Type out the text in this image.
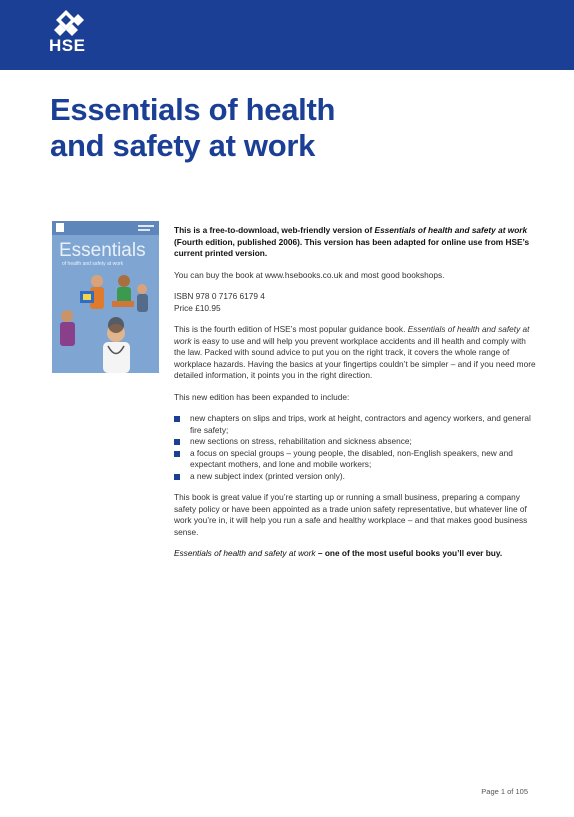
HSE
Essentials of health
and safety at work
Essentials
of health and safety at work

This is a free-to-download, web-friendly version of Essentials of health and safety at work (Fourth edition, published 2006). This version has been adapted for online use from HSE’s current printed version.

You can buy the book at www.hsebooks.co.uk and most good bookshops.

ISBN 978 0 7176 6179 4
Price £10.95

This is the fourth edition of HSE’s most popular guidance book. Essentials of health and safety at work is easy to use and will help you prevent workplace accidents and ill health and comply with the law. Packed with sound advice to put you on the right track, it covers the whole range of workplace hazards. Having the basics at your fingertips couldn’t be simpler – and if you need more detailed information, it points you in the right direction.

This new edition has been expanded to include:

new chapters on slips and trips, work at height, contractors and agency workers, and general fire safety;
new sections on stress, rehabilitation and sickness absence;
a focus on special groups – young people, the disabled, non-English speakers, new and expectant mothers, and lone and mobile workers;
a new subject index (printed version only).

This book is great value if you’re starting up or running a small business, preparing a company safety policy or have been appointed as a trade union safety representative, but whatever line of work you’re in, it will help you run a safe and healthy workplace – and that makes good business sense.

Essentials of health and safety at work – one of the most useful books you’ll ever buy.

Page 1 of 105
